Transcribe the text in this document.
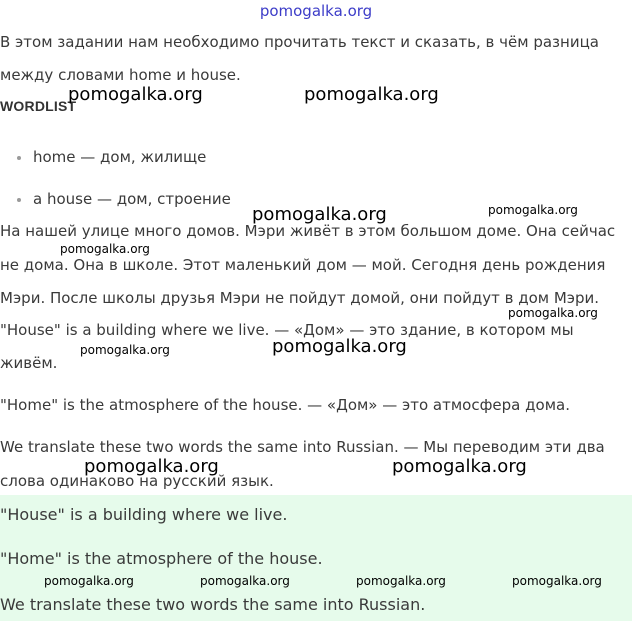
pomogalka.org
В этом задании нам необходимо прочитать текст и сказать, в чём разница
между словами home и house.
WORDLIST
home — дом, жилище
a house — дом, строение
На нашей улице много домов. Мэри живёт в этом большом доме. Она сейчас
не дома. Она в школе. Этот маленький дом — мой. Сегодня день рождения
Мэри. После школы друзья Мэри не пойдут домой, они пойдут в дом Мэри.
"House" is a building where we live. — «Дом» — это здание, в котором мы
живём.
"Home" is the atmosphere of the house. — «Дом» — это атмосфера дома.
We translate these two words the same into Russian. — Мы переводим эти два
слова одинаково на русский язык.
"House" is a building where we live.
"Home" is the atmosphere of the house.
We translate these two words the same into Russian.
pomogalka.org	pomogalka.org
pomogalka.org	pomogalka.org
pomogalka.org
pomogalka.org
pomogalka.org	pomogalka.org
pomogalka.org	pomogalka.org
pomogalka.org	pomogalka.org	pomogalka.org	pomogalka.org
